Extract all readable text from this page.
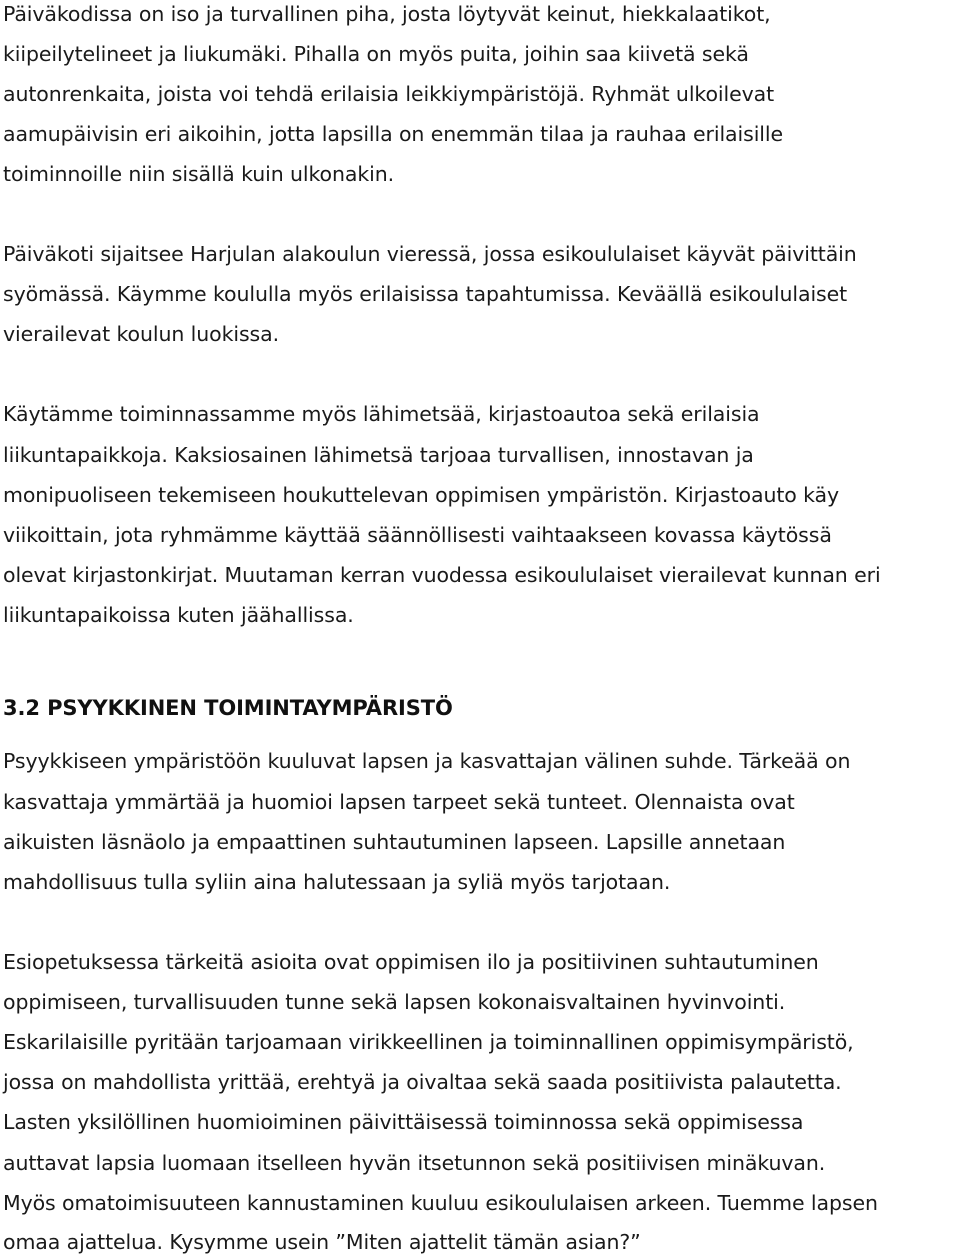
Päiväkodissa on iso ja turvallinen piha, josta löytyvät keinut, hiekkalaatikot,
kiipeilytelineet ja liukumäki. Pihalla on myös puita, joihin saa kiivetä sekä
autonrenkaita, joista voi tehdä erilaisia leikkiympäristöjä. Ryhmät ulkoilevat
aamupäivisin eri aikoihin, jotta lapsilla on enemmän tilaa ja rauhaa erilaisille
toiminnoille niin sisällä kuin ulkonakin.
Päiväkoti sijaitsee Harjulan alakoulun vieressä, jossa esikoululaiset käyvät päivittäin
syömässä. Käymme koululla myös erilaisissa tapahtumissa. Keväällä esikoululaiset
vierailevat koulun luokissa.
Käytämme toiminnassamme myös lähimetsää, kirjastoautoa sekä erilaisia
liikuntapaikkoja. Kaksiosainen lähimetsä tarjoaa turvallisen, innostavan ja
monipuoliseen tekemiseen houkuttelevan oppimisen ympäristön. Kirjastoauto käy
viikoittain, jota ryhmämme käyttää säännöllisesti vaihtaakseen kovassa käytössä
olevat kirjastonkirjat. Muutaman kerran vuodessa esikoululaiset vierailevat kunnan eri
liikuntapaikoissa kuten jäähallissa.
3.2 PSYYKKINEN TOIMINTAYMPÄRISTÖ
Psyykkiseen ympäristöön kuuluvat lapsen ja kasvattajan välinen suhde. Tärkeää on
kasvattaja ymmärtää ja huomioi lapsen tarpeet sekä tunteet. Olennaista ovat
aikuisten läsnäolo ja empaattinen suhtautuminen lapseen. Lapsille annetaan
mahdollisuus tulla syliin aina halutessaan ja syliä myös tarjotaan.
Esiopetuksessa tärkeitä asioita ovat oppimisen ilo ja positiivinen suhtautuminen
oppimiseen, turvallisuuden tunne sekä lapsen kokonaisvaltainen hyvinvointi.
Eskarilaisille pyritään tarjoamaan virikkeellinen ja toiminnallinen oppimisympäristö,
jossa on mahdollista yrittää, erehtyä ja oivaltaa sekä saada positiivista palautetta.
Lasten yksilöllinen huomioiminen päivittäisessä toiminnossa sekä oppimisessa
auttavat lapsia luomaan itselleen hyvän itsetunnon sekä positiivisen minäkuvan.
Myös omatoimisuuteen kannustaminen kuuluu esikoululaisen arkeen. Tuemme lapsen
omaa ajattelua. Kysymme usein ”Miten ajattelit tämän asian?”
